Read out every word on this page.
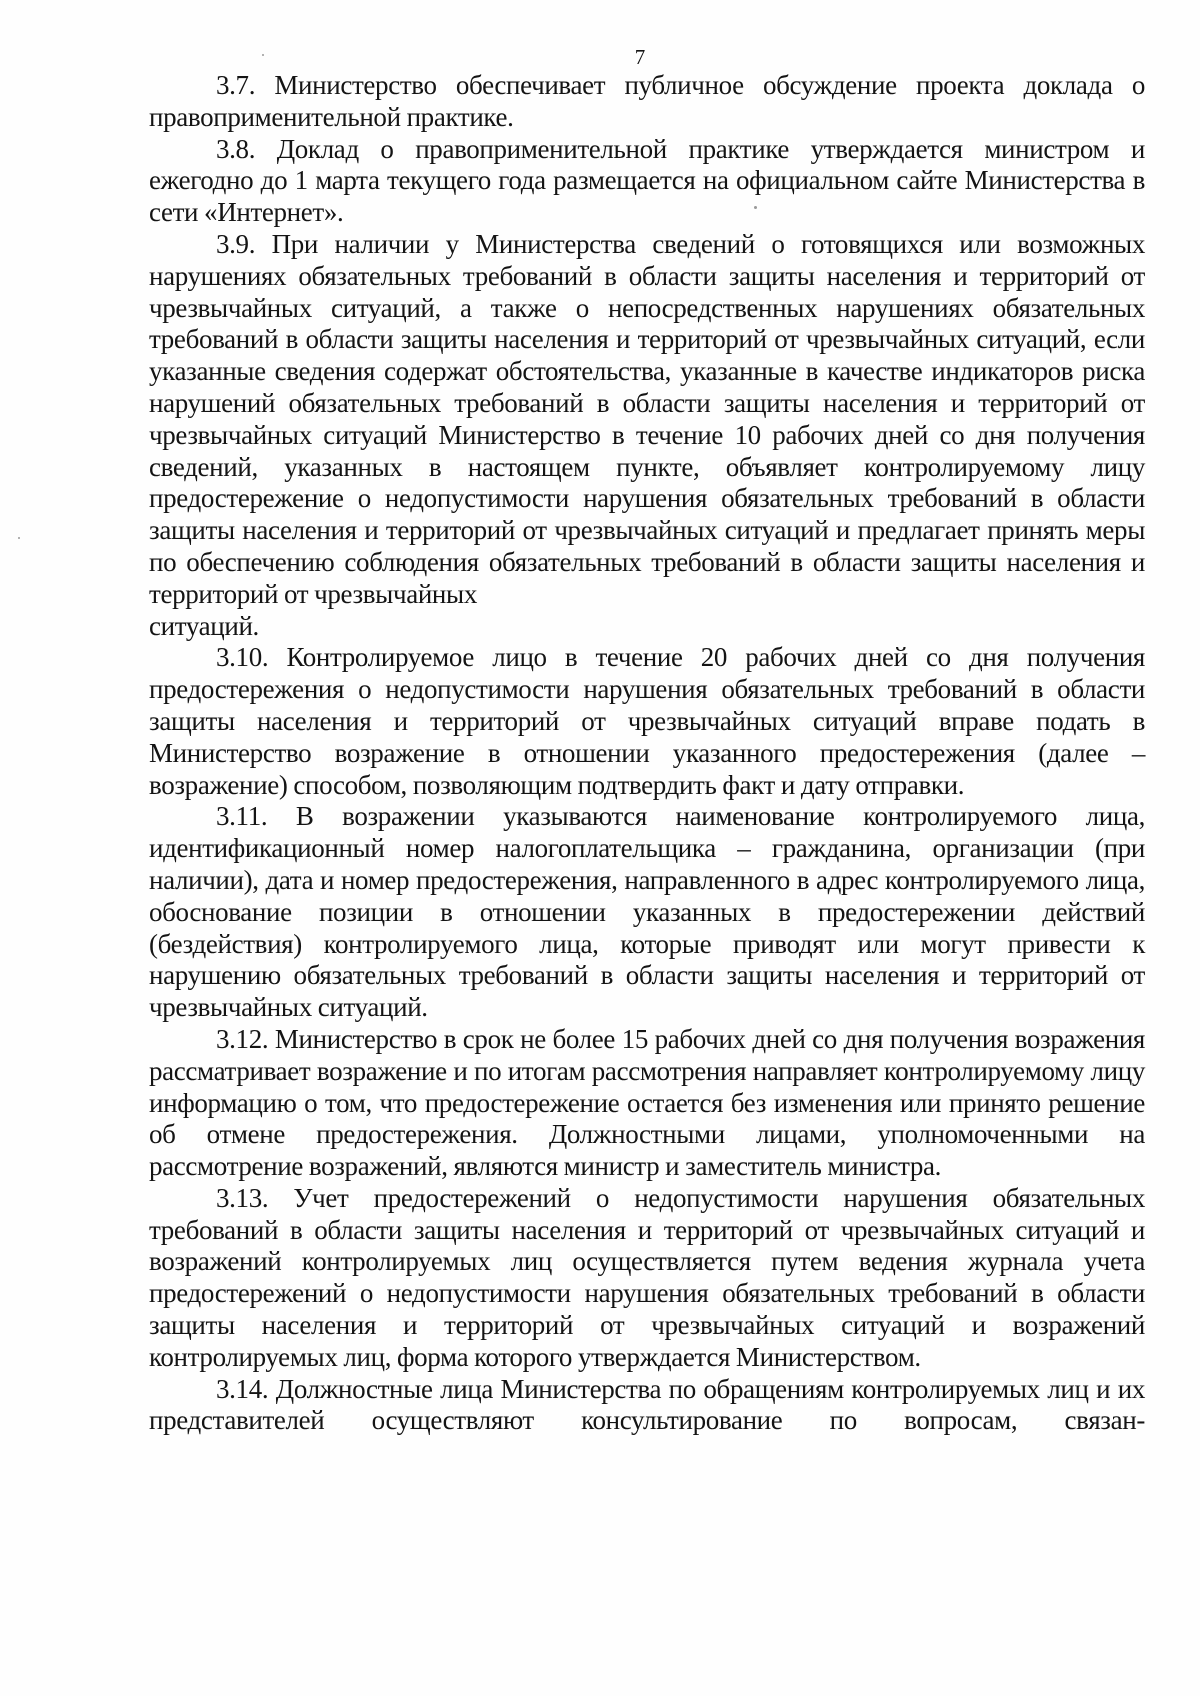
7

3.7. Министерство обеспечивает публичное обсуждение проекта доклада о правоприменительной практике.

3.8. Доклад о правоприменительной практике утверждается министром и ежегодно до 1 марта текущего года размещается на официальном сайте Министерства в сети «Интернет».

3.9. При наличии у Министерства сведений о готовящихся или возможных нарушениях обязательных требований в области защиты населения и территорий от чрезвычайных ситуаций, а также о непосредственных нарушениях обязательных требований в области защиты населения и территорий от чрезвычайных ситуаций, если указанные сведения содержат обстоятельства, указанные в качестве индикаторов риска нарушений обязательных требований в области защиты населения и территорий от чрезвычайных ситуаций Министерство в течение 10 рабочих дней со дня получения сведений, указанных в настоящем пункте, объявляет контролируемому лицу предостережение о недопустимости нарушения обязательных требований в области защиты населения и территорий от чрезвычайных ситуаций и предлагает принять меры по обеспечению соблюдения обязательных требований в области защиты населения и территорий от чрезвычайных

ситуаций.

3.10. Контролируемое лицо в течение 20 рабочих дней со дня получения предостережения о недопустимости нарушения обязательных требований в области защиты населения и территорий от чрезвычайных ситуаций вправе подать в Министерство возражение в отношении указанного предостережения (далее – возражение) способом, позволяющим подтвердить факт и дату отправки.

3.11. В возражении указываются наименование контролируемого лица, идентификационный номер налогоплательщика – гражданина, организации (при наличии), дата и номер предостережения, направленного в адрес контролируемого лица, обоснование позиции в отношении указанных в предостережении действий (бездействия) контролируемого лица, которые приводят или могут привести к нарушению обязательных требований в области защиты населения и территорий от чрезвычайных ситуаций.

3.12. Министерство в срок не более 15 рабочих дней со дня получения возражения рассматривает возражение и по итогам рассмотрения направляет контролируемому лицу информацию о том, что предостережение остается без изменения или принято решение об отмене предостережения. Должностными лицами, уполномоченными на рассмотрение возражений, являются министр и заместитель министра.

3.13. Учет предостережений о недопустимости нарушения обязательных требований в области защиты населения и территорий от чрезвычайных ситуаций и возражений контролируемых лиц осуществляется путем ведения журнала учета предостережений о недопустимости нарушения обязательных требований в области защиты населения и территорий от чрезвычайных ситуаций и возражений контролируемых лиц, форма которого утверждается Министерством.

3.14. Должностные лица Министерства по обращениям контролируемых лиц и их представителей осуществляют консультирование по вопросам, связан-
